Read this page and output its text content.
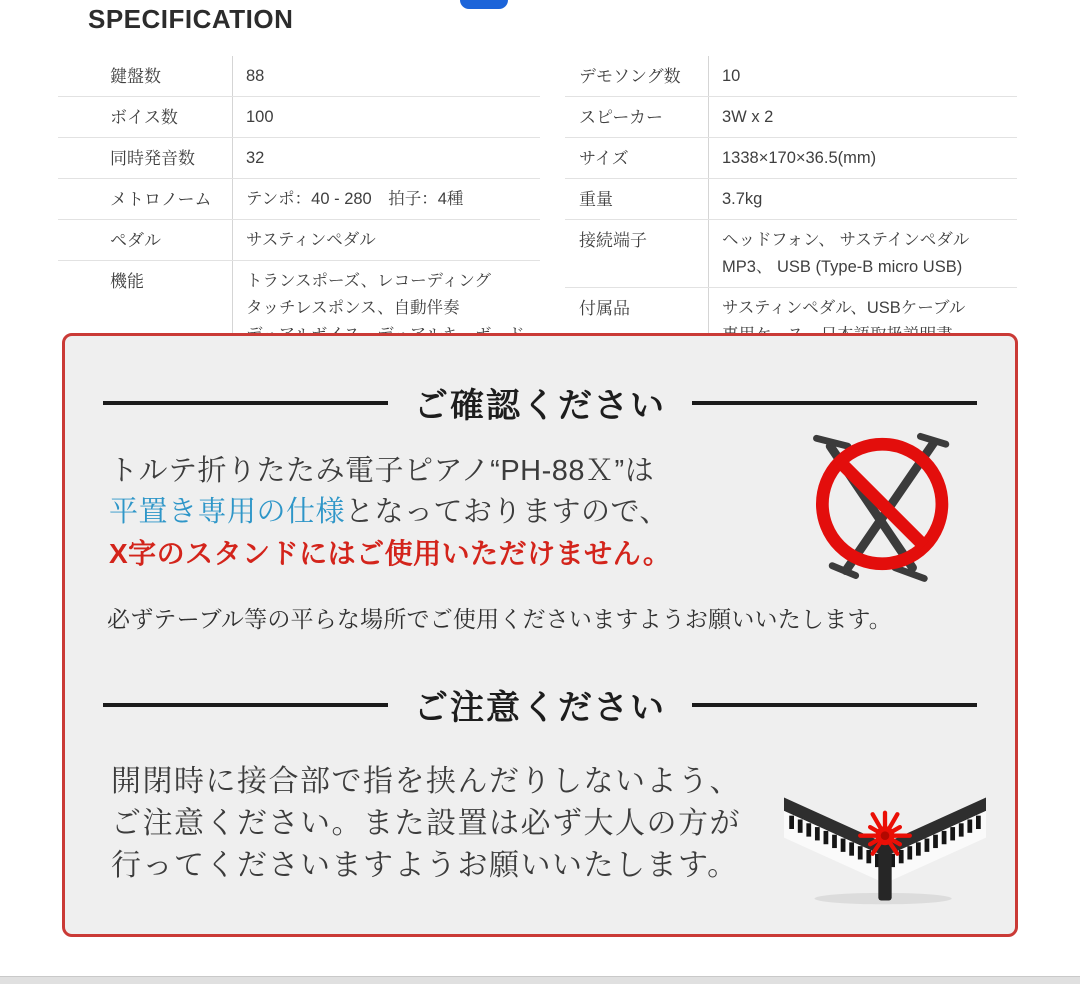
SPECIFICATION
鍵盤数	88
ボイス数	100
同時発音数	32
メトロノーム	テンポ：40 - 280　拍子：4種
ペダル	サスティンペダル
機能	トランスポーズ、レコーディング
タッチレスポンス、自動伴奏
デモソング数	10
スピーカー	3W x 2
サイズ	1338×170×36.5(mm)
重量	3.7kg
接続端子	ヘッドフォン、 サステインペダル
MP3、 USB (Type-B micro USB)
付属品	サスティンペダル、USBケーブル
ご確認ください
トルテ折りたたみ電子ピアノ“PH-88Ｘ”は
平置き専用の仕様となっておりますので、
X字のスタンドにはご使用いただけません。
必ずテーブル等の平らな場所でご使用くださいますようお願いいたします。
ご注意ください
開閉時に接合部で指を挟んだりしないよう、
ご注意ください。また設置は必ず大人の方が
行ってくださいますようお願いいたします。
